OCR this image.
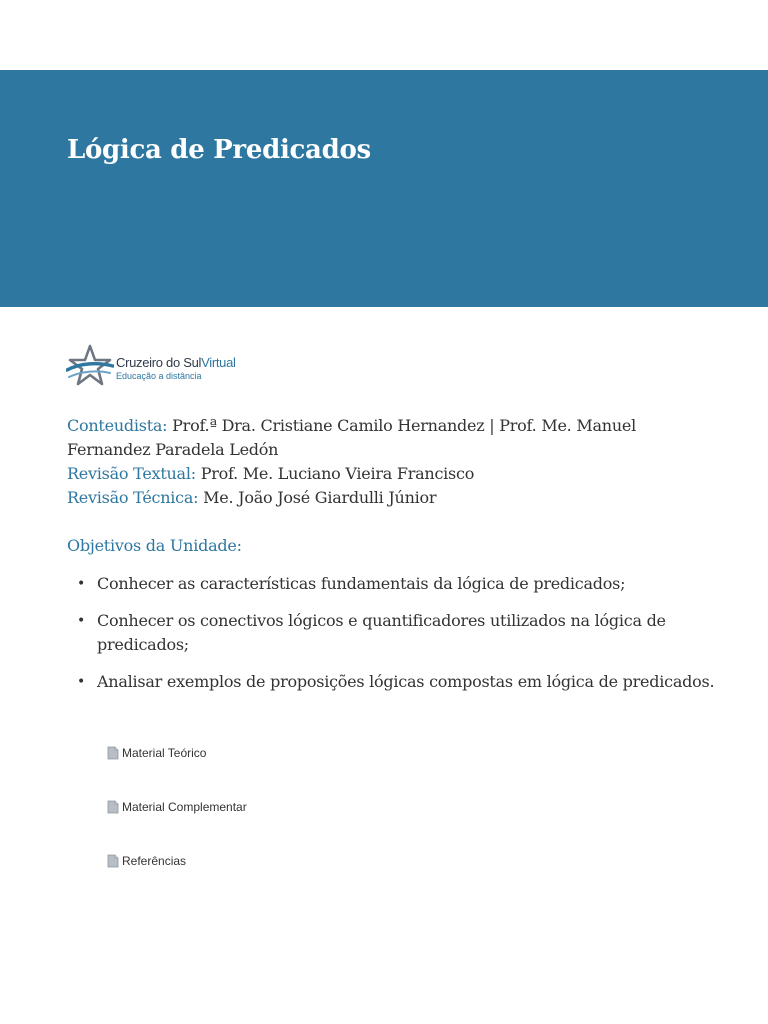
Lógica de Predicados
Cruzeiro do SulVirtual
Educação a distância

Conteudista: Prof.ª Dra. Cristiane Camilo Hernandez | Prof. Me. Manuel Fernandez Paradela Ledón

Revisão Textual: Prof. Me. Luciano Vieira Francisco

Revisão Técnica: Me. João José Giardulli Júnior

Objetivos da Unidade:
• Conhecer as características fundamentais da lógica de predicados;
• Conhecer os conectivos lógicos e quantificadores utilizados na lógica de predicados;
• Analisar exemplos de proposições lógicas compostas em lógica de predicados.
Material Teórico
Material Complementar
Referências
